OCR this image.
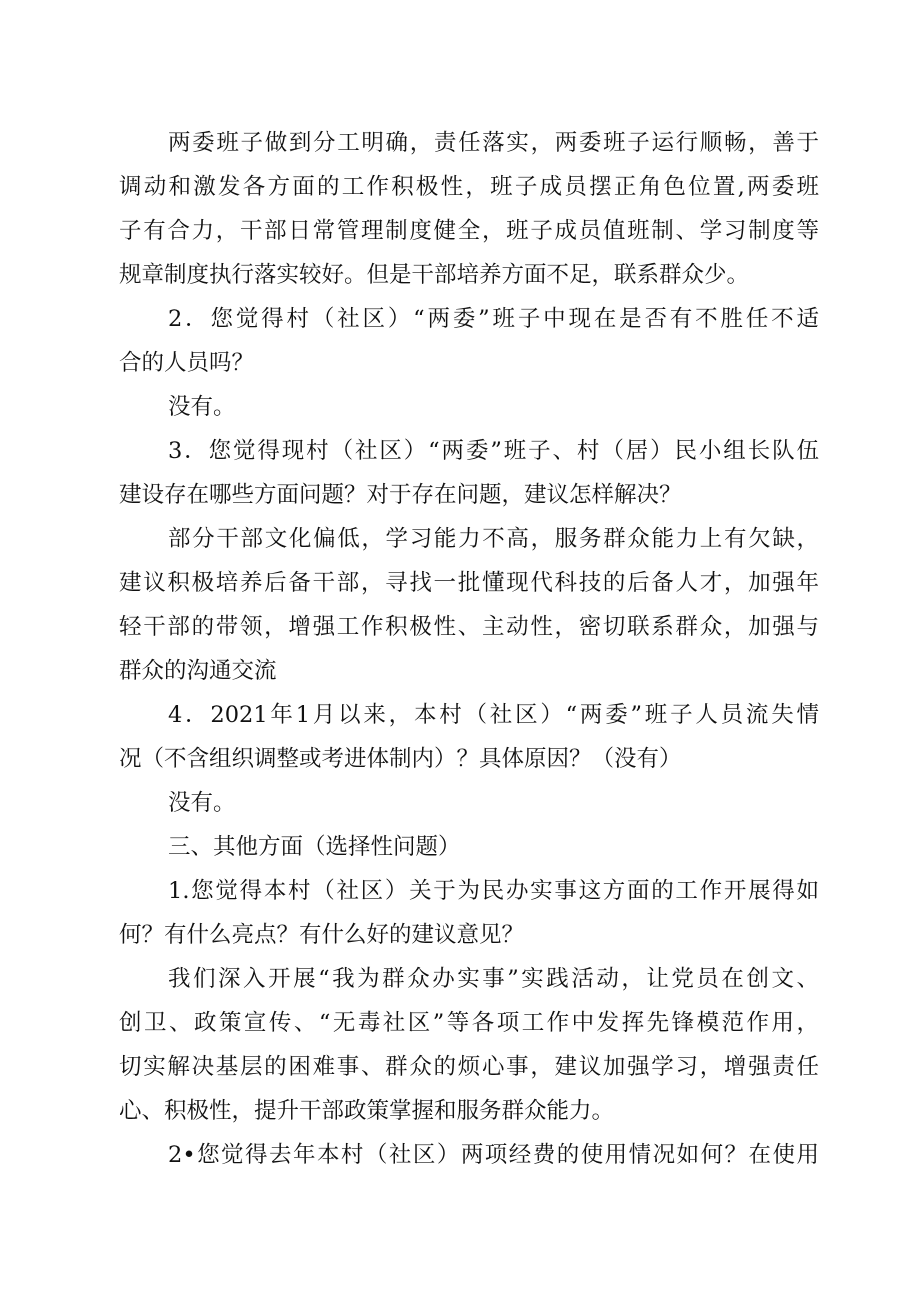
两委班子做到分工明确，责任落实，两委班子运行顺畅，善于
调动和激发各方面的工作积极性，班子成员摆正角色位置,两委班
子有合力，干部日常管理制度健全，班子成员值班制、学习制度等
规章制度执行落实较好。但是干部培养方面不足，联系群众少。
2．您觉得村（社区）“两委”班子中现在是否有不胜任不适
合的人员吗？
没有。
3．您觉得现村（社区）“两委”班子、村（居）民小组长队伍
建设存在哪些方面问题？对于存在问题，建议怎样解决？
部分干部文化偏低，学习能力不高，服务群众能力上有欠缺，
建议积极培养后备干部，寻找一批懂现代科技的后备人才，加强年
轻干部的带领，增强工作积极性、主动性，密切联系群众，加强与
群众的沟通交流
4．2021年1月以来，本村（社区）“两委”班子人员流失情
况（不含组织调整或考进体制内）？具体原因？（没有）
没有。
三、其他方面（选择性问题）
1.您觉得本村（社区）关于为民办实事这方面的工作开展得如
何？有什么亮点？有什么好的建议意见？
我们深入开展“我为群众办实事”实践活动，让党员在创文、
创卫、政策宣传、“无毒社区”等各项工作中发挥先锋模范作用，
切实解决基层的困难事、群众的烦心事，建议加强学习，增强责任
心、积极性，提升干部政策掌握和服务群众能力。
2•您觉得去年本村（社区）两项经费的使用情况如何？在使用
